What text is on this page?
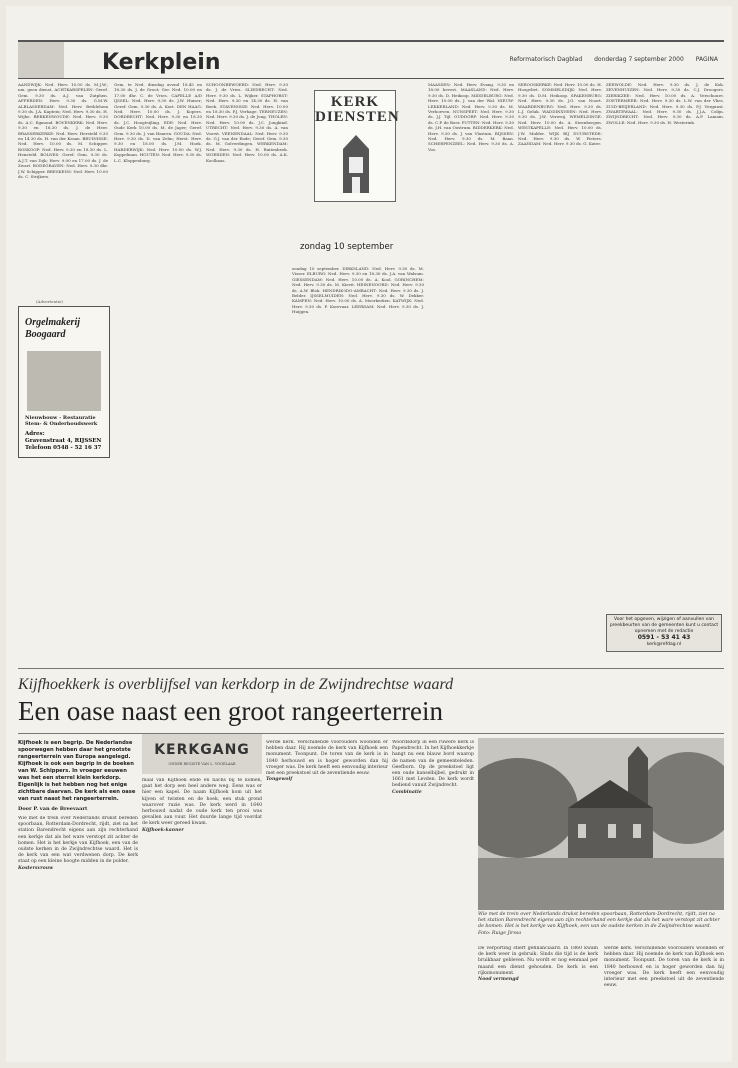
Kerkplein	Reformatorisch Dagblad donderdag 7 september 2000 PAGINA
AANDWIJK: Ned. Herv. 10.00 ds. M.J.W.; nm. geen dienst. ACHTKARSPELEN: Geref. Gem. 9.30 ds. A.J. van Zutphen. AFFERDEN: Herv. 9.30 ds. G.M.W. ALBLASSERDAM: Ned. Herv. Bethlehem 9.30 ds. J.A. Kaptein; Ned. Herv. 9.30 ds. H. Wijhe. BERKENWOUDE: Ned. Herv. 9.30 ds. A.C. Egmond. BOVENKERK: Ned. Herv. 9.30 en 18.30 ds. J. de Heer. BRASSERKERKE: Ned. Herv. Hersteld 9.30 en 14.30 ds. H. van der Kraan. BRUINISSE: Ned. Herv. 10.00 ds. M. Schipper. BOSKOOP: Ned. Herv. 9.30 en 18.30 ds. L. Hensteld. BOLNES: Geref. Gem. 9.30 ds. A.J.T. van Dijk; Herv. 9.00 en 17.00 ds. J. de Zwart. BODEGRAVEN: Ned. Herv. 9.30 dhr. J.W. Schipper. BRESKENS: Ned. Herv. 10.00 ds. C. Strijkers.
Gem. te Ned. dinsdag avond 18.45 en 18.30 ds. J. de Groot; Ger. Ned. 10.00 en 17.00 dhr. C. de Vries. CAPELLE A/D IJSSEL: Ned. Herv. 9.30 ds. J.W. Huiser; Geref. Gem. 9.30 ds. A. Kort. DEN HAAG: Ned. Herv. 10.00 ds. J. Kopers. DORDRECHT: Ned. Herv. 9.30 en 18.30 ds. J.C. Hoogteijling. EDE: Ned. Herv. Oude Kerk 10.00 ds. M. de Jager; Geref. Gem. 9.30 ds. J. van Haaren. GOUDA: Ned. Herv. 9.30 ds. D. van Zelm; Herst. Herv. 9.30 en 18.00 ds. J.M. Hoek. HARDERWIJK: Ned. Herv. 10.00 ds. W.J. Koppelman. HOUTEN: Ned. Herv. 9.30 ds. L.C. Kloppenburg.
SCHOONREWOERD: Ned. Herv. 9.30 ds. J. de Vries. SLIEDRECHT: Ned. Herv. 9.30 ds. L. Wijker. STAPHORST: Ned. Herv. 9.30 en 14.30 ds. H. van Beek. STAVENISSE: Ned. Herv. 10.00 en 18.30 ds. P.J. Verhage. TERNEUZEN: Ned. Herv. 9.30 ds. J. de Jong. THOLEN: Ned. Herv. 10.00 ds. J.C. Jongkind. UTRECHT: Ned. Herv. 9.30 ds. A. van Voorst. VEENENDAAL: Ned. Herv. 9.30 ds. G.J. van der Ende; Geref. Gem. 9.30 ds. M. Golverdingen. WERKENDAM: Ned. Herv. 9.30 ds. H. Ruitenbeek. WOERDEN: Ned. Herv. 10.00 ds. A.K. Koolhaas.
zondag 10 september. DIRKSLAND: Ned. Herv. 9.30 ds. M. Visser. ELBURG: Ned. Herv. 9.30 en 18.30 ds. J.A. van Walsum. GIESSENDAM: Ned. Herv. 10.00 ds. A. Kool. GORINCHEM: Ned. Herv. 9.30 ds. M. Kievit. HEINENOORD: Ned. Herv. 9.30 ds. A.W. Blok. HENDRIK-IDO-AMBACHT: Ned. Herv. 9.30 ds. J. Belder. IJSSELMUIDEN: Ned. Herv. 9.30 ds. W. Dekker. KAMPEN: Ned. Herv. 10.00 ds. A. Moerkerken. KATWIJK: Ned. Herv. 9.30 ds. P. Korevaar. LEERDAM: Ned. Herv. 9.30 ds. J. Huijgen.
MAASSEN: Ned. Herv. Evang. 9.30 en 18.00 bevest. MAASLAND: Ned. Herv. 9.30 ds. D. Heikoop. MIDDELBURG: Ned. Herv. 10.00 ds. J. van der Wal. NIEUW-LEKKERLAND: Ned. Herv. 9.30 ds. M. Verhoeven. NUNSPEET: Ned. Herv. 9.30 ds. J.J. Tijl. OUDDORP: Ned. Herv. 9.30 ds. C.P. de Boer. PUTTEN: Ned. Herv. 9.30 ds. J.H. van Oostrum. RIDDERKERK: Ned. Herv. 9.30 ds. J. van Vlastuin. RIJSSEN: Ned. Herv. 9.30 ds. M. Baan. SCHERPENZEEL: Ned. Herv. 9.30 ds. A. Vos.
SEROOSKERKE: Ned. Herv. 10.00 ds. H. Hoogvliet. SOMMELSDIJK: Ned. Herv. 9.30 ds. D.M. Heikoop. SPAKENBURG: Ned. Herv. 9.30 ds. J.G. van Noort. WAARDENBURG: Ned. Herv. 9.30 ds. L.J. Geluk. WADDINXVEEN: Ned. Herv. 9.30 ds. J.W. Verweij. WEMELDINGE: Ned. Herv. 10.00 ds. A. Steenbergen. WESTKAPELLE: Ned. Herv. 10.00 ds. J.W. Mulder. WIJK BIJ DUURSTEDE: Ned. Herv. 9.30 ds. W. Pieters. ZAANDAM: Ned. Herv. 9.30 ds. G. Kater.
ZEEWOLDE: Ned. Herv. 9.30 ds. J. de Kok. ZEVENHUIZEN: Ned. Herv. 9.30 ds. C.J. Droogers. ZIERIKZEE: Ned. Herv. 10.00 ds. A. Verschuure. ZOETERMEER: Ned. Herv. 9.30 ds. L.W. van der Vlies. ZUID-BEIJERLAND: Ned. Herv. 9.30 ds. P.J. Vergunst. ZWARTEWAAL: Ned. Herv. 9.30 ds. J.J.A. Colijn. ZWIJNDRECHT: Ned. Herv. 9.30 ds. A.P. Lamain. ZWOLLE: Ned. Herv. 9.30 ds. H. Westerink.
KERK
DIENSTEN
zondag 10 september
(Advertentie)
Orgelmakerij
Boogaard
Nieuwbouw - Restauratie Stem- & Onderhoudswerk
Adres:
Gravenstraat 4, RIJSSEN
Telefoon 0548 - 52 16 37
Voor het opgeven, wijzigen of aanvullen van preekbeurten van de gemeenten kunt u contact opnemen met de redactie
0591 - 53 41 43
kerk@refdag.nl
Kijfhoekkerk is overblijfsel van kerkdorp in de Zwijndrechtse waard
Een oase naast een groot rangeerterrein
Kijfhoek is een begrip. De Nederlandse spoorwegen hebben daar het grootste rangeerterrein van Europa aangelegd. Kijfhoek is ook een begrip in de boeken van W. Schippers. In vroeger eeuwen was het een sterrel klein kerkdorp. Eigenlijk is het hebben nog het enige zichtbare daarvan. De kerk als een oase van rust naast het rangeerterrein.
Door P. van de Breevaart
KERKGANG
ONDER REGISTE VAN L. VOGELAAR
Wie met de trein over Nederlands drukst bereden spoorbaan, Rotterdam-Dordrecht, rijdt, ziet na het station Barendrecht eigens aan zijn rechterhand een kerkje dat als het ware verstopt zit achter de bomen. Het is het kerkje van Kijfhoek, een van de oudste kerken in de Zwijndrechtse waard. Het is de kerk van een wat verdwenen dorp. De kerk staat op een kleine hoogte midden in de polder.
Kostersvrouw
maal van Kijfhoek ende en nachs bij te komen, gaat het dorp een heel andere weg. Eens was er hier een kapel. De naam Kijfhoek kom uit het kijven of twisten en de hoek, een stuk grond waarover ruzie was. De kerk werd in 1640 herbouwd nadat de oude kerk ten prooi was gevallen aan vuur. Het duurde lange tijd voordat de kerk weer gereed kwam.
Kijfhoek-kanner
werde kerk. Verschillende voorouders woonden er hebben daar. Hij noemde de kerk van Kijfhoek een monument. Toonpunt. De toren van de kerk is in 1840 herbouwd en is hoger geworden dan hij vroeger was. De kerk heeft een eenvoudig interieur met een preekstoel uit de zeventiende eeuw.
Tongewolf
Woordsdorp in een ruwere kerk is Papendrecht. In het Kijfhoekkerkje hangt nu een blauw bord waarop de namen van de gemeenteleden. Geefborn. Op de preekstoel ligt een oude kanselbijbel, gedrukt in 1661 met Levden. De kerk wordt bediend vanuit Zwijndrecht.
Combinatie
Wie met de trein over Nederlands drukst bereden spoorbaan, Rotterdam-Dordrecht, rijdt, ziet na het station Barendrecht eigens aan zijn rechterhand een kerkje dat als het ware verstopt zit achter de bomen. Het is het kerkje van Kijfhoek, een van de oudste kerken in de Zwijndrechtse waard. Foto: Ruige Jirssa
De verporting stierf gefinanciaard. In 1860 kwam de kerk weer in gebruik. Sinds die tijd is de kerk bruikbaar gebleven. Nu wordt er nog eenmaal per maand een dienst gehouden. De kerk is een rijksmonument.
Nood vermengd
werde kerk. Verschillende voorouders woonden er hebben daar. Hij noemde de kerk van Kijfhoek een monument. Toonpunt. De toren van de kerk is in 1840 herbouwd en is hoger geworden dan hij vroeger was. De kerk heeft een eenvoudig interieur met een preekstoel uit de zeventiende eeuw.
